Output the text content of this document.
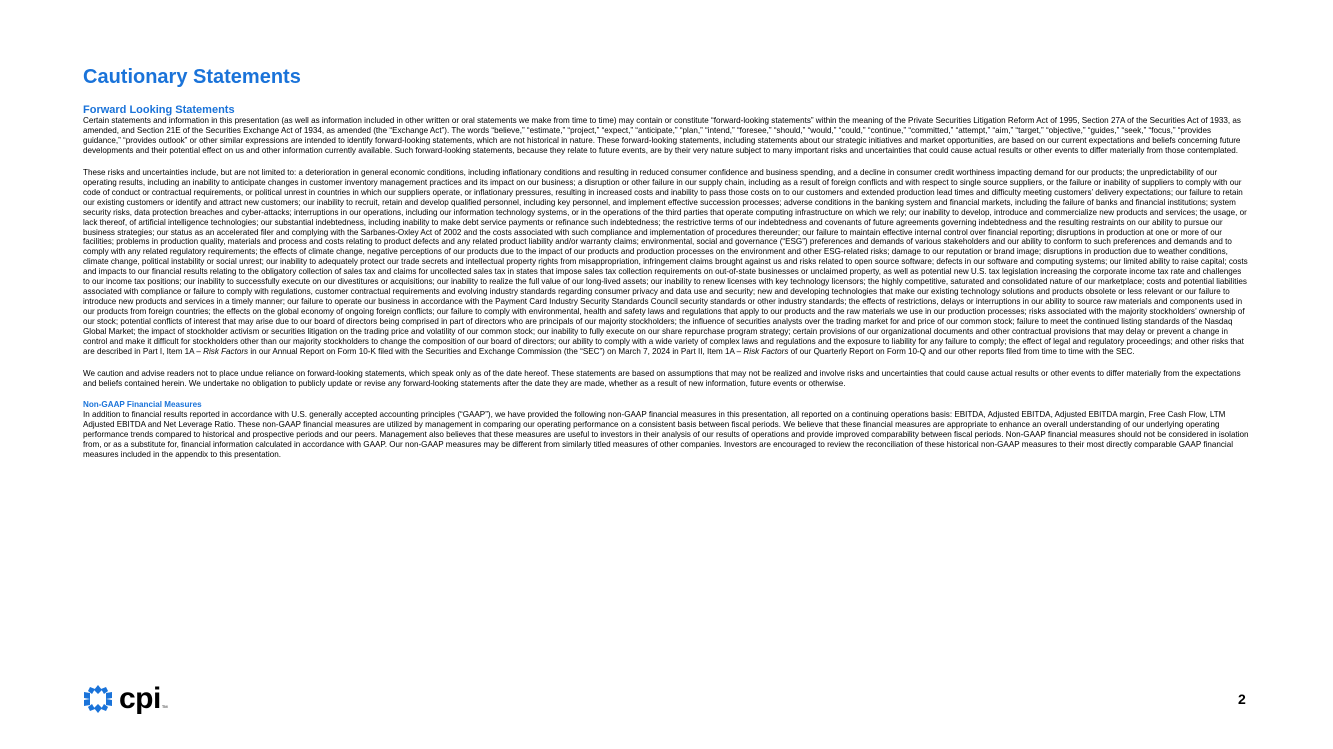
Cautionary Statements
Forward Looking Statements

Certain statements and information in this presentation (as well as information included in other written or oral statements we make from time to time) may contain or constitute “forward-looking statements” within the meaning of the Private Securities Litigation Reform Act of 1995, Section 27A of the Securities Act of 1933, as amended, and Section 21E of the Securities Exchange Act of 1934, as amended (the “Exchange Act”). The words “believe,” “estimate,” “project,” “expect,” “anticipate,” “plan,” “intend,” “foresee,” “should,” “would,” “could,” “continue,” “committed,” “attempt,” “aim,” “target,” “objective,” “guides,” “seek,” “focus,” “provides guidance,” “provides outlook” or other similar expressions are intended to identify forward-looking statements, which are not historical in nature. These forward-looking statements, including statements about our strategic initiatives and market opportunities, are based on our current expectations and beliefs concerning future developments and their potential effect on us and other information currently available. Such forward-looking statements, because they relate to future events, are by their very nature subject to many important risks and uncertainties that could cause actual results or other events to differ materially from those contemplated.

These risks and uncertainties include, but are not limited to: a deterioration in general economic conditions, including inflationary conditions and resulting in reduced consumer confidence and business spending, and a decline in consumer credit worthiness impacting demand for our products; the unpredictability of our operating results, including an inability to anticipate changes in customer inventory management practices and its impact on our business; a disruption or other failure in our supply chain, including as a result of foreign conflicts and with respect to single source suppliers, or the failure or inability of suppliers to comply with our code of conduct or contractual requirements, or political unrest in countries in which our suppliers operate, or inflationary pressures, resulting in increased costs and inability to pass those costs on to our customers and extended production lead times and difficulty meeting customers’ delivery expectations; our failure to retain our existing customers or identify and attract new customers; our inability to recruit, retain and develop qualified personnel, including key personnel, and implement effective succession processes; adverse conditions in the banking system and financial markets, including the failure of banks and financial institutions; system security risks, data protection breaches and cyber-attacks; interruptions in our operations, including our information technology systems, or in the operations of the third parties that operate computing infrastructure on which we rely; our inability to develop, introduce and commercialize new products and services; the usage, or lack thereof, of artificial intelligence technologies; our substantial indebtedness, including inability to make debt service payments or refinance such indebtedness; the restrictive terms of our indebtedness and covenants of future agreements governing indebtedness and the resulting restraints on our ability to pursue our business strategies; our status as an accelerated filer and complying with the Sarbanes-Oxley Act of 2002 and the costs associated with such compliance and implementation of procedures thereunder; our failure to maintain effective internal control over financial reporting; disruptions in production at one or more of our facilities; problems in production quality, materials and process and costs relating to product defects and any related product liability and/or warranty claims; environmental, social and governance (“ESG”) preferences and demands of various stakeholders and our ability to conform to such preferences and demands and to comply with any related regulatory requirements; the effects of climate change, negative perceptions of our products due to the impact of our products and production processes on the environment and other ESG-related risks; damage to our reputation or brand image; disruptions in production due to weather conditions, climate change, political instability or social unrest; our inability to adequately protect our trade secrets and intellectual property rights from misappropriation, infringement claims brought against us and risks related to open source software; defects in our software and computing systems; our limited ability to raise capital; costs and impacts to our financial results relating to the obligatory collection of sales tax and claims for uncollected sales tax in states that impose sales tax collection requirements on out-of-state businesses or unclaimed property, as well as potential new U.S. tax legislation increasing the corporate income tax rate and challenges to our income tax positions; our inability to successfully execute on our divestitures or acquisitions; our inability to realize the full value of our long-lived assets; our inability to renew licenses with key technology licensors; the highly competitive, saturated and consolidated nature of our marketplace; costs and potential liabilities associated with compliance or failure to comply with regulations, customer contractual requirements and evolving industry standards regarding consumer privacy and data use and security; new and developing technologies that make our existing technology solutions and products obsolete or less relevant or our failure to introduce new products and services in a timely manner; our failure to operate our business in accordance with the Payment Card Industry Security Standards Council security standards or other industry standards; the effects of restrictions, delays or interruptions in our ability to source raw materials and components used in our products from foreign countries; the effects on the global economy of ongoing foreign conflicts; our failure to comply with environmental, health and safety laws and regulations that apply to our products and the raw materials we use in our production processes; risks associated with the majority stockholders’ ownership of our stock; potential conflicts of interest that may arise due to our board of directors being comprised in part of directors who are principals of our majority stockholders; the influence of securities analysts over the trading market for and price of our common stock; failure to meet the continued listing standards of the Nasdaq Global Market; the impact of stockholder activism or securities litigation on the trading price and volatility of our common stock; our inability to fully execute on our share repurchase program strategy; certain provisions of our organizational documents and other contractual provisions that may delay or prevent a change in control and make it difficult for stockholders other than our majority stockholders to change the composition of our board of directors; our ability to comply with a wide variety of complex laws and regulations and the exposure to liability for any failure to comply; the effect of legal and regulatory proceedings; and other risks that are described in Part I, Item 1A – Risk Factors in our Annual Report on Form 10-K filed with the Securities and Exchange Commission (the “SEC”) on March 7, 2024 in Part II, Item 1A – Risk Factors of our Quarterly Report on Form 10-Q and our other reports filed from time to time with the SEC.

We caution and advise readers not to place undue reliance on forward-looking statements, which speak only as of the date hereof. These statements are based on assumptions that may not be realized and involve risks and uncertainties that could cause actual results or other events to differ materially from the expectations and beliefs contained herein. We undertake no obligation to publicly update or revise any forward-looking statements after the date they are made, whether as a result of new information, future events or otherwise.

Non-GAAP Financial Measures

In addition to financial results reported in accordance with U.S. generally accepted accounting principles (“GAAP”), we have provided the following non-GAAP financial measures in this presentation, all reported on a continuing operations basis: EBITDA, Adjusted EBITDA, Adjusted EBITDA margin, Free Cash Flow, LTM Adjusted EBITDA and Net Leverage Ratio. These non-GAAP financial measures are utilized by management in comparing our operating performance on a consistent basis between fiscal periods. We believe that these financial measures are appropriate to enhance an overall understanding of our underlying operating performance trends compared to historical and prospective periods and our peers. Management also believes that these measures are useful to investors in their analysis of our results of operations and provide improved comparability between fiscal periods. Non-GAAP financial measures should not be considered in isolation from, or as a substitute for, financial information calculated in accordance with GAAP. Our non-GAAP measures may be different from similarly titled measures of other companies. Investors are encouraged to review the reconciliation of these historical non-GAAP measures to their most directly comparable GAAP financial measures included in the appendix to this presentation.

cpi TM	2
